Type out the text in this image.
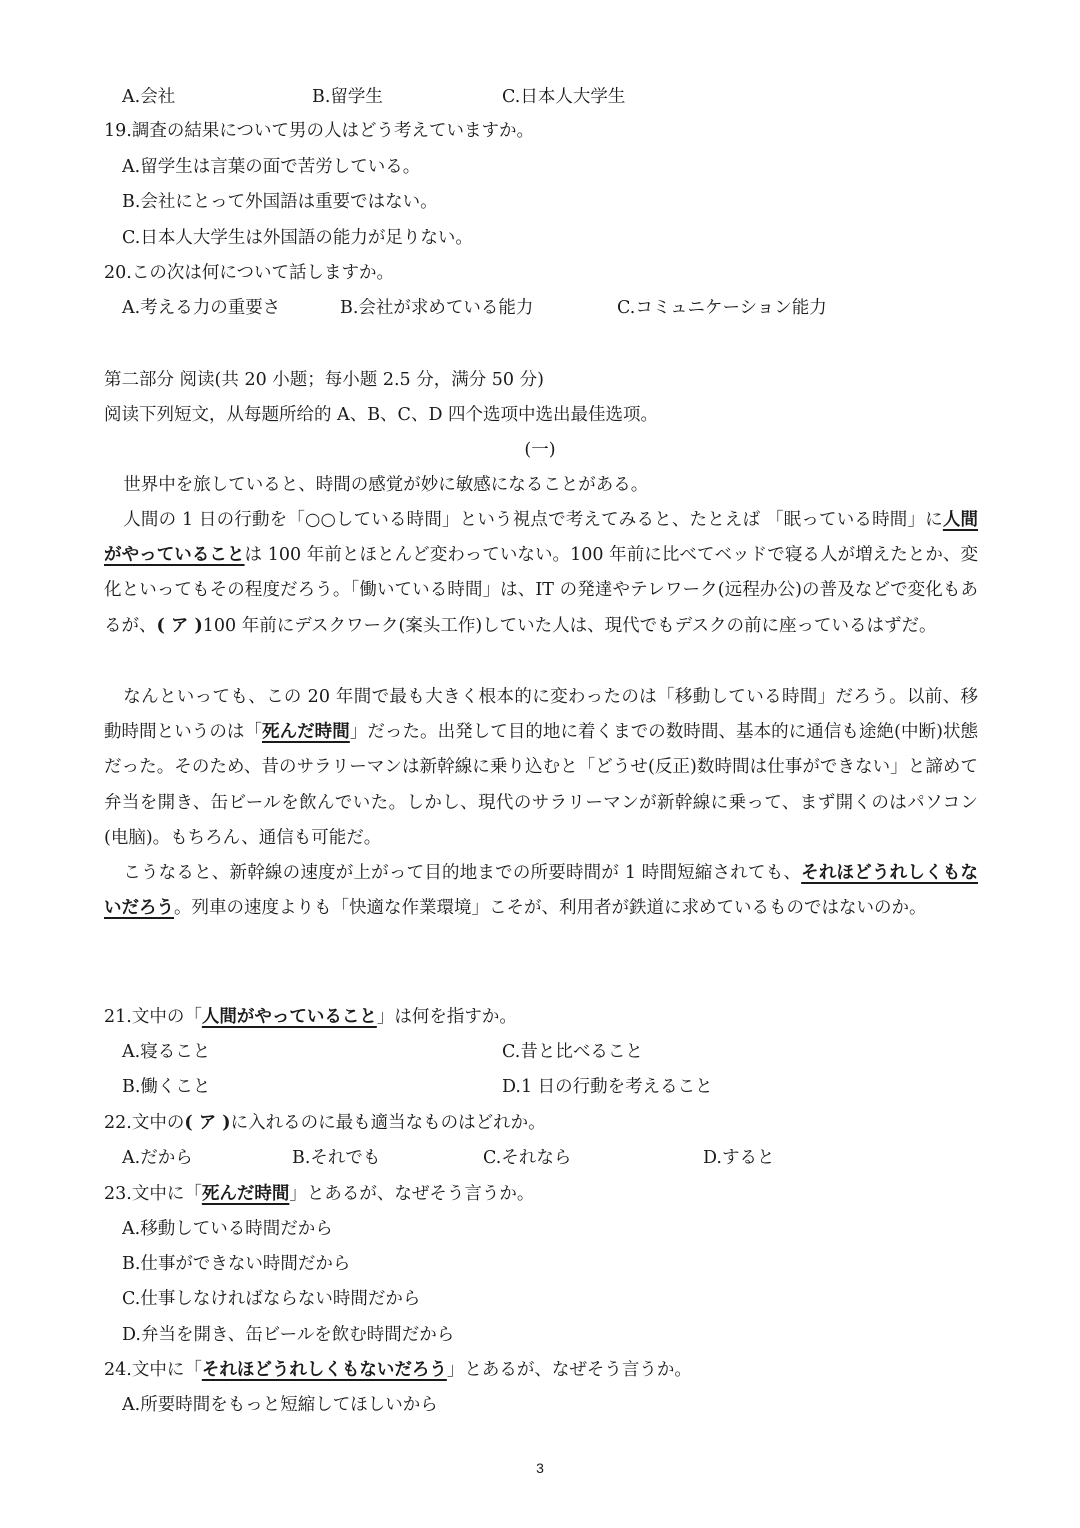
A.会社	B.留学生	C.日本人大学生
19.調査の結果について男の人はどう考えていますか。
A.留学生は言葉の面で苦労している。
B.会社にとって外国語は重要ではない。
C.日本人大学生は外国語の能力が足りない。
20.この次は何について話しますか。
A.考える力の重要さ	B.会社が求めている能力	C.コミュニケーション能力
第二部分 阅读(共 20 小题；每小题 2.5 分，满分 50 分)
阅读下列短文，从每题所给的 A、B、C、D 四个选项中选出最佳选项。
(一)
世界中を旅していると、時間の感覚が妙に敏感になることがある。
人間の 1 日の行動を「○○している時間」という視点で考えてみると、たとえば 「眠っている時間」に人間がやっていることは 100 年前とほとんど変わっていない。100 年前に比べてベッドで寝る人が増えたとか、変化といってもその程度だろう。「働いている時間」は、IT の発達やテレワーク(远程办公)の普及などで変化もあるが、( ア )100 年前にデスクワーク(案头工作)していた人は、現代でもデスクの前に座っているはずだ。
なんといっても、この 20 年間で最も大きく根本的に変わったのは「移動している時間」だろう。以前、移動時間というのは「死んだ時間」だった。出発して目的地に着くまでの数時間、基本的に通信も途絶(中断)状態だった。そのため、昔のサラリーマンは新幹線に乗り込むと「どうせ(反正)数時間は仕事ができない」と諦めて弁当を開き、缶ビールを飲んでいた。しかし、現代のサラリーマンが新幹線に乗って、まず開くのはパソコン(电脑)。もちろん、通信も可能だ。
こうなると、新幹線の速度が上がって目的地までの所要時間が 1 時間短縮されても、それほどうれしくもないだろう。列車の速度よりも「快適な作業環境」こそが、利用者が鉄道に求めているものではないのか。
21.文中の「人間がやっていること」は何を指すか。
A.寝ること	C.昔と比べること
B.働くこと	D.1 日の行動を考えること
22.文中の( ア )に入れるのに最も適当なものはどれか。
A.だから	B.それでも	C.それなら	D.すると
23.文中に「死んだ時間」とあるが、なぜそう言うか。
A.移動している時間だから
B.仕事ができない時間だから
C.仕事しなければならない時間だから
D.弁当を開き、缶ビールを飲む時間だから
24.文中に「それほどうれしくもないだろう」とあるが、なぜそう言うか。
A.所要時間をもっと短縮してほしいから
3
